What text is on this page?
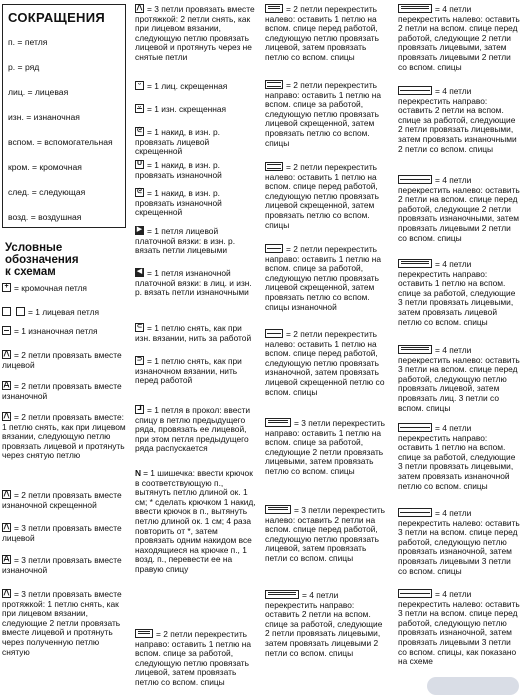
СОКРАЩЕНИЯ
п. = петля
р. = ряд
лиц. = лицевая
изн. = изнаночная
вспом. = вспомогательная
кром. = кромочная
след. = следующая
возд. = воздушная
Условные обозначения
к схемам
+ = кромочная петля
= 1 лицевая петля
= 1 изнаночная петля
⋀ = 2 петли провязать вместе лицевой
⋀ = 2 петли провязать вместе изнаночной
⋀ = 2 петли провязать вместе: 1 петлю снять, как при лицевом вязании, следующую петлю провязать лицевой и протянуть через снятую петлю
⋀ = 2 петли провязать вместе изнаночной скрещенной
⋀ = 3 петли провязать вместе лицевой
⋀ = 3 петли провязать вместе изнаночной
⋀ = 3 петли провязать вместе протяжкой: 1 петлю снять, как при лицевом вязании, следующие 2 петли провязать вместе лицевой и протянуть через полученную петлю снятую
⋀ = 3 петли провязать вместе протяжкой: 2 петли снять, как при лицевом вязании, следующую петлю провязать лицевой и протянуть через не снятые петли
ᵕ = 1 лиц. скрещенная
ᵕ = 1 изн. скрещенная
ᘓ = 1 накид, в изн. р. провязать лицевой скрещенной
U = 1 накид, в изн. р. провязать изнаночной
ᘓ = 1 накид, в изн. р. провязать изнаночной скрещенной
▶ = 1 петля лицевой платочной вязки: в изн. р. вязать петли лицевыми
◀ = 1 петля изнаночной платочной вязки: в лиц. и изн. р. вязать петли изнаночными
⊂ = 1 петлю снять, как при изн. вязании, нить за работой
⊃ = 1 петлю снять, как при изнаночном вязании, нить перед работой
⅃ = 1 петля в прокол: ввести спицу в петлю предыдущего ряда, провязать ее лицевой, при этом петля предыдущего ряда распускается
N = 1 шишечка: ввести крючок в соответствующую п., вытянуть петлю длиной ок. 1 см; * сделать крючком 1 накид, ввести крючок в п., вытянуть петлю длиной ок. 1 см; 4 раза повторить от *, затем провязать одним накидом все находящиеся на крючке п., 1 возд. п., перевести ее на правую спицу
= 2 петли перекрестить направо: оставить 1 петлю на вспом. спице за работой, следующую петлю провязать лицевой, затем провязать петлю со вспом. спицы
= 2 петли перекрестить налево: оставить 1 петлю на вспом. спице перед работой, следующую петлю провязать лицевой, затем провязать петлю со вспом. спицы
= 2 петли перекрестить направо: оставить 1 петлю на вспом. спице за работой, следующую петлю провязать лицевой скрещенной, затем провязать петлю со вспом. спицы
= 2 петли перекрестить налево: оставить 1 петлю на вспом. спице перед работой, следующую петлю провязать лицевой скрещенной, затем провязать петлю со вспом. спицы
= 2 петли перекрестить направо: оставить 1 петлю на вспом. спице за работой, следующую петлю провязать лицевой скрещенной, затем провязать петлю со вспом. спицы изнаночной
= 2 петли перекрестить налево: оставить 1 петлю на вспом. спице перед работой, следующую петлю провязать изнаночной, затем провязать лицевой скрещенной петлю со вспом. спицы
= 3 петли перекрестить направо: оставить 1 петлю на вспом. спице за работой, следующие 2 петли провязать лицевыми, затем провязать петлю со вспом. спицы
= 3 петли перекрестить налево: оставить 2 петли на вспом. спице перед работой, следующую петлю провязать лицевой, затем провязать петли со вспом. спицы
= 4 петли перекрестить направо: оставить 2 петли на вспом. спице за работой, следующие 2 петли провязать лицевыми, затем провязать лицевыми 2 петли со вспом. спицы
= 4 петли перекрестить налево: оставить 2 петли на вспом. спице перед работой, следующие 2 петли провязать лицевыми, затем провязать лицевыми 2 петли со вспом. спицы
= 4 петли перекрестить направо: оставить 2 петли на вспом. спице за работой, следующие 2 петли провязать лицевыми, затем провязать изнаночными 2 петли со вспом. спицы
= 4 петли перекрестить налево: оставить 2 петли на вспом. спице перед работой, следующие 2 петли провязать изнаночными, затем провязать лицевыми 2 петли со вспом. спицы
= 4 петли перекрестить направо: оставить 1 петлю на вспом. спице за работой, следующие 3 петли провязать лицевыми, затем провязать лицевой петлю со вспом. спицы
= 4 петли перекрестить налево: оставить 3 петли на вспом. спице перед работой, следующую петлю провязать лицевой, затем провязать лиц. 3 петли со вспом. спицы
= 4 петли перекрестить направо: оставить 1 петлю на вспом. спице за работой, следующие 3 петли провязать лицевыми, затем провязать изнаночной петлю со вспом. спицы
= 4 петли перекрестить налево: оставить 3 петли на вспом. спице перед работой, следующую петлю провязать изнаночной, затем провязать лицевыми 3 петли со вспом. спицы
= 4 петли перекрестить налево: оставить 3 петли на вспом. спице перед работой, следующую петлю провязать изнаночной, затем провязать лицевыми 3 петли со вспом. спицы, как показано на схеме
